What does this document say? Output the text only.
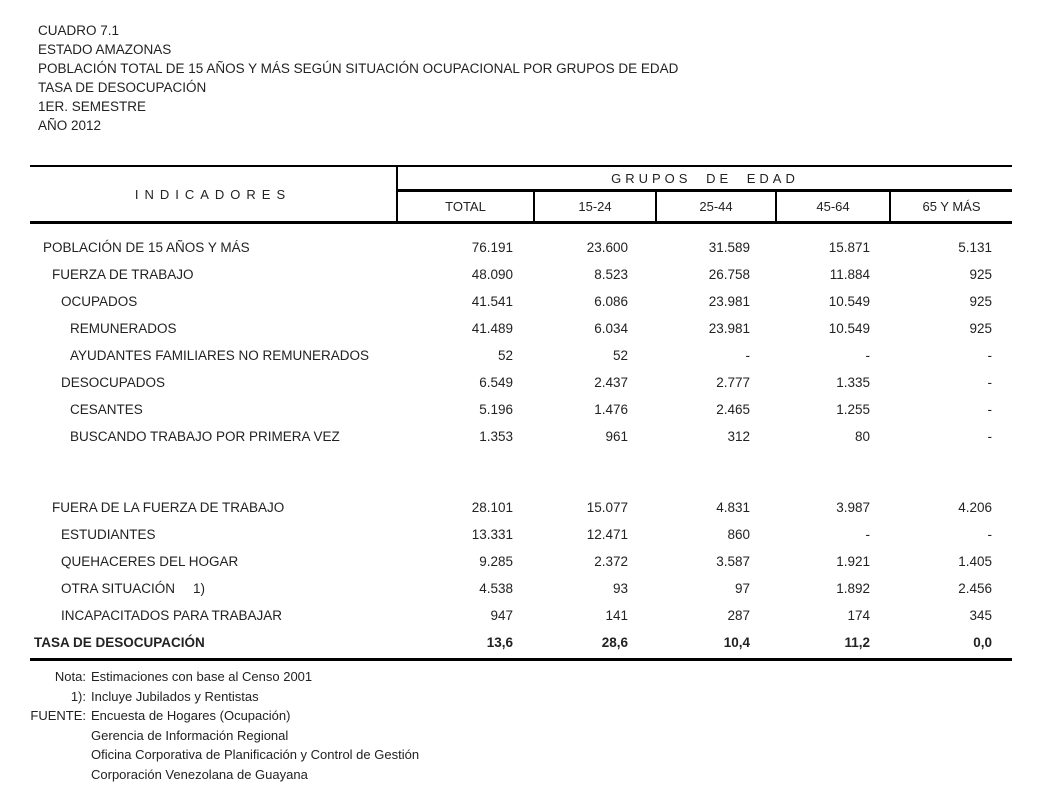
CUADRO 7.1
ESTADO AMAZONAS
POBLACIÓN TOTAL DE 15 AÑOS Y MÁS SEGÚN SITUACIÓN OCUPACIONAL POR GRUPOS DE EDAD
TASA DE DESOCUPACIÓN
1ER. SEMESTRE
AÑO 2012
INDICADORES
GRUPOS DE EDAD
TOTAL	15-24	25-44	45-64	65 Y MÁS
POBLACIÓN DE 15 AÑOS Y MÁS	76.191	23.600	31.589	15.871	5.131
FUERZA DE TRABAJO	48.090	8.523	26.758	11.884	925
OCUPADOS	41.541	6.086	23.981	10.549	925
REMUNERADOS	41.489	6.034	23.981	10.549	925
AYUDANTES FAMILIARES NO REMUNERADOS	52	52	-	-	-
DESOCUPADOS	6.549	2.437	2.777	1.335	-
CESANTES	5.196	1.476	2.465	1.255	-
BUSCANDO TRABAJO POR PRIMERA VEZ	1.353	961	312	80	-
FUERA DE LA FUERZA DE TRABAJO	28.101	15.077	4.831	3.987	4.206
ESTUDIANTES	13.331	12.471	860	-	-
QUEHACERES DEL HOGAR	9.285	2.372	3.587	1.921	1.405
OTRA SITUACIÓN 1)	4.538	93	97	1.892	2.456
INCAPACITADOS PARA TRABAJAR	947	141	287	174	345
TASA DE DESOCUPACIÓN	13,6	28,6	10,4	11,2	0,0
Nota: Estimaciones con base al Censo 2001
1): Incluye Jubilados y Rentistas
FUENTE: Encuesta de Hogares (Ocupación)
Gerencia de Información Regional
Oficina Corporativa de Planificación y Control de Gestión
Corporación Venezolana de Guayana
